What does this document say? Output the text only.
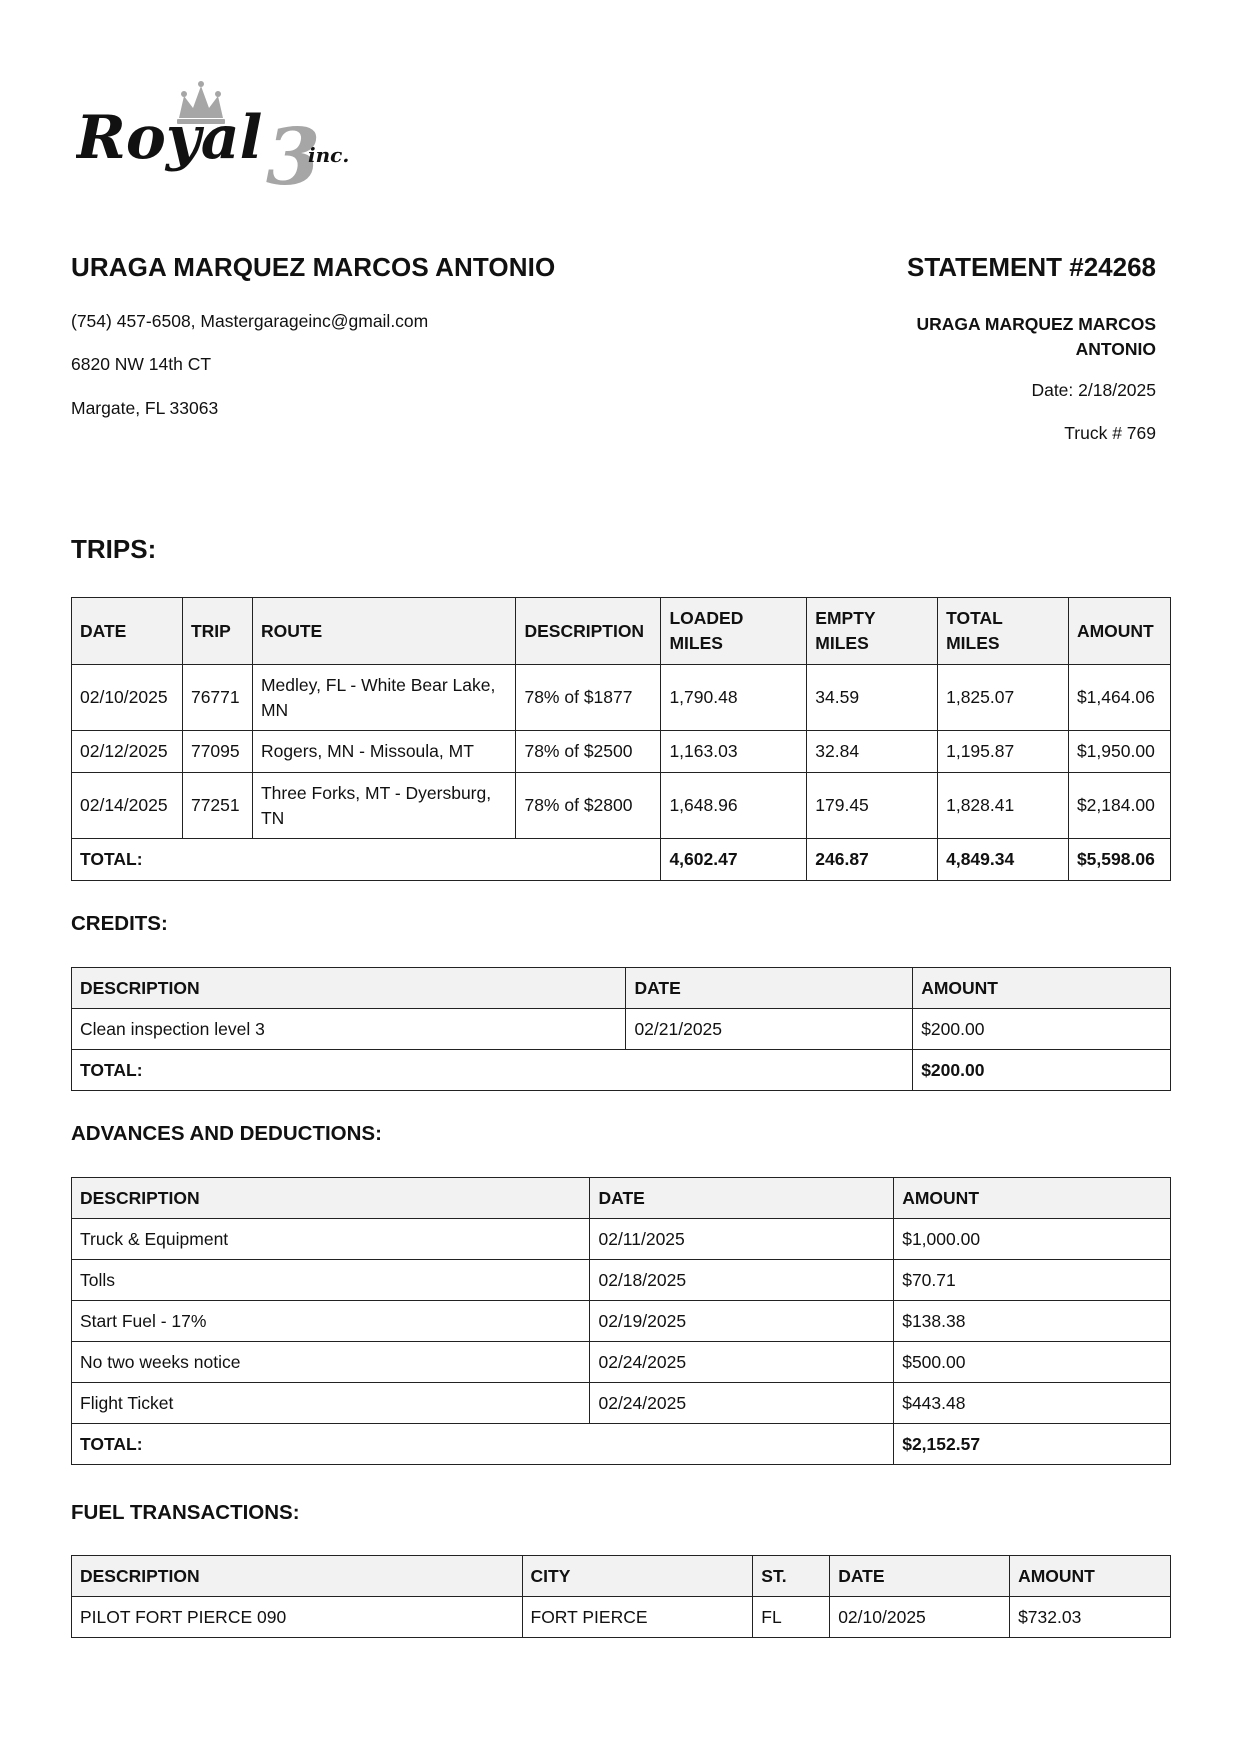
3
Royal inc.
URAGA MARQUEZ MARCOS ANTONIO
(754) 457-6508, Mastergarageinc@gmail.com
6820 NW 14th CT
Margate, FL 33063
STATEMENT #24268
URAGA MARQUEZ MARCOS ANTONIO
Date: 2/18/2025
Truck # 769
TRIPS:
DATE	TRIP	ROUTE	DESCRIPTION	LOADED MILES	EMPTY MILES	TOTAL MILES	AMOUNT
02/10/2025	76771	Medley, FL - White Bear Lake, MN	78% of $1877	1,790.48	34.59	1,825.07	$1,464.06
02/12/2025	77095	Rogers, MN - Missoula, MT	78% of $2500	1,163.03	32.84	1,195.87	$1,950.00
02/14/2025	77251	Three Forks, MT - Dyersburg, TN	78% of $2800	1,648.96	179.45	1,828.41	$2,184.00
TOTAL:				4,602.47	246.87	4,849.34	$5,598.06
CREDITS:
DESCRIPTION	DATE	AMOUNT
Clean inspection level 3	02/21/2025	$200.00
TOTAL:		$200.00
ADVANCES AND DEDUCTIONS:
DESCRIPTION	DATE	AMOUNT
Truck & Equipment	02/11/2025	$1,000.00
Tolls	02/18/2025	$70.71
Start Fuel - 17%	02/19/2025	$138.38
No two weeks notice	02/24/2025	$500.00
Flight Ticket	02/24/2025	$443.48
TOTAL:		$2,152.57
FUEL TRANSACTIONS:
DESCRIPTION	CITY	ST.	DATE	AMOUNT
PILOT FORT PIERCE 090	FORT PIERCE	FL	02/10/2025	$732.03
